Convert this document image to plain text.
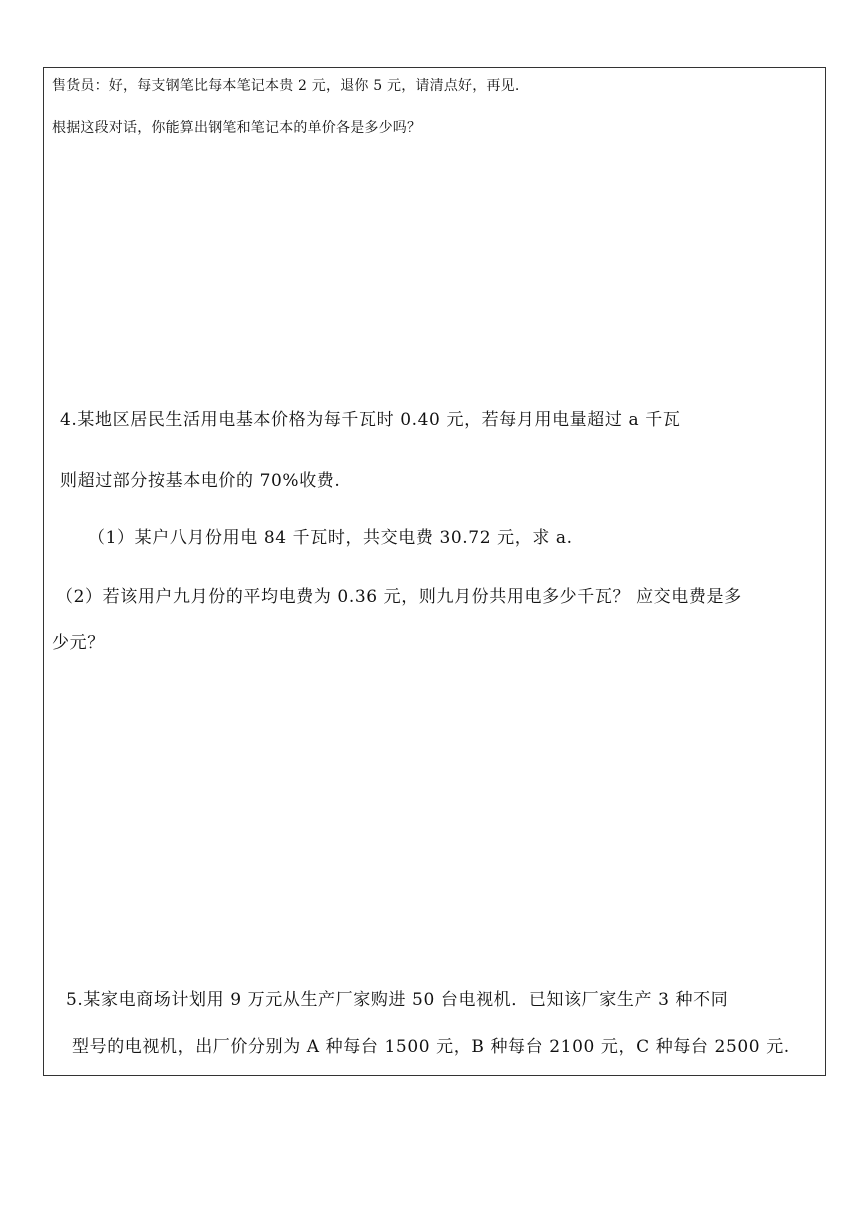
售货员：好，每支钢笔比每本笔记本贵 2 元，退你 5 元，请清点好，再见.
根据这段对话，你能算出钢笔和笔记本的单价各是多少吗？
4.某地区居民生活用电基本价格为每千瓦时 0.40 元，若每月用电量超过 a 千瓦
则超过部分按基本电价的 70%收费.
（1）某户八月份用电 84 千瓦时，共交电费 30.72 元，求 a.
（2）若该用户九月份的平均电费为 0.36 元，则九月份共用电多少千瓦？ 应交电费是多
少元？
5.某家电商场计划用 9 万元从生产厂家购进 50 台电视机．已知该厂家生产 3 种不同
型号的电视机，出厂价分别为 A 种每台 1500 元，B 种每台 2100 元，C 种每台 2500 元.
